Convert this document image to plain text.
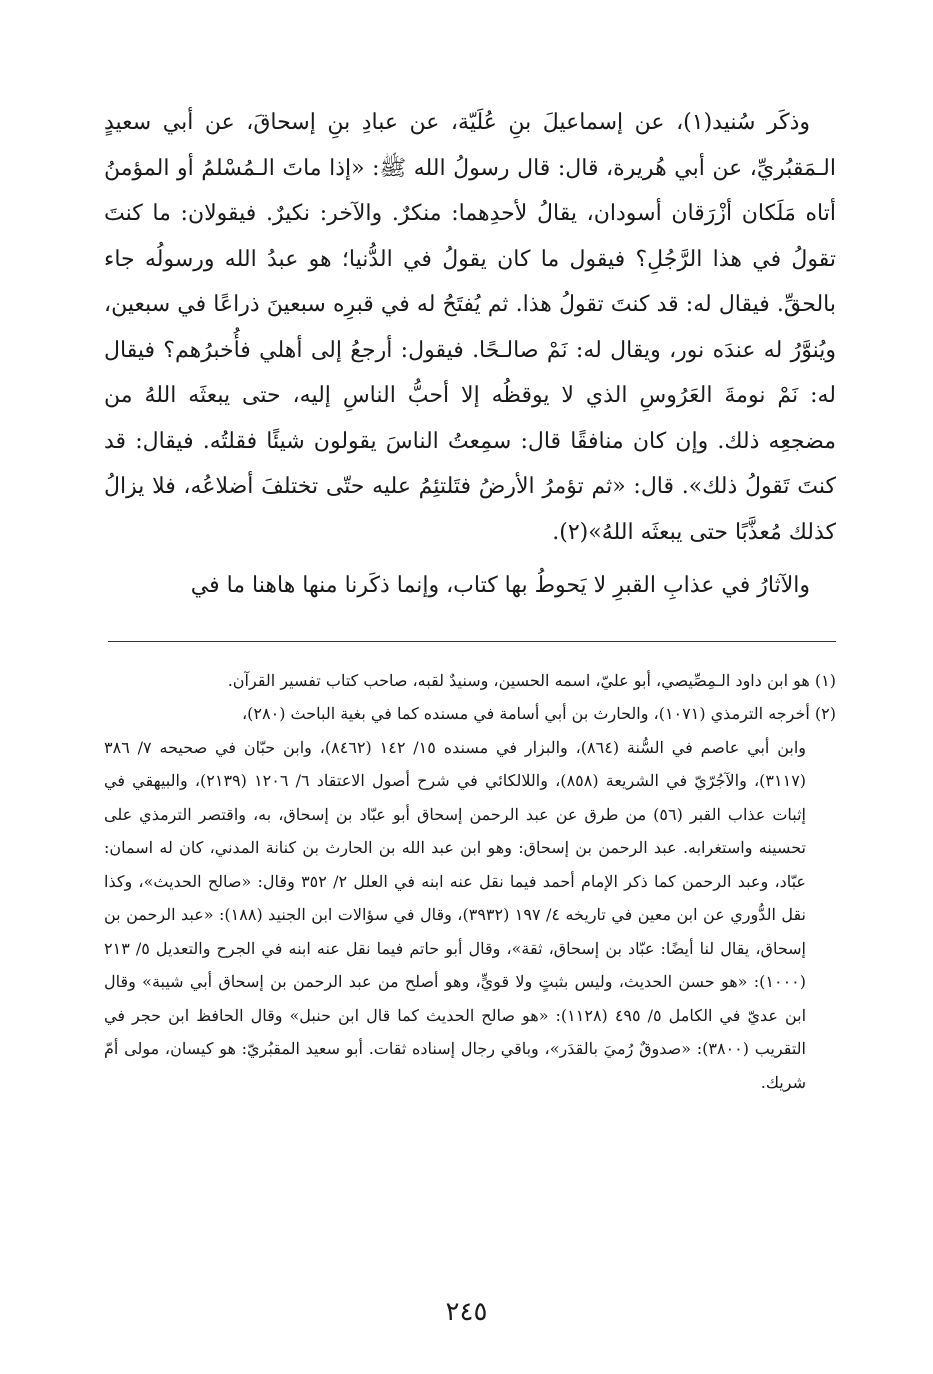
وذكَر سُنيد(١)، عن إسماعيلَ بنِ عُلَيّة، عن عبادِ بنِ إسحاقَ، عن أبي سعيدٍ الـمَقبُريِّ، عن أبي هُريرة، قال: قال رسولُ الله ﷺ: «إذا ماتَ الـمُسْلمُ أو المؤمنُ أتاه مَلَكان أزْرَقان أسودان، يقالُ لأحدِهما: منكرٌ. والآخر: نكيرٌ. فيقولان: ما كنتَ تقولُ في هذا الرَّجُلِ؟ فيقول ما كان يقولُ في الدُّنيا؛ هو عبدُ الله ورسولُه جاء بالحقِّ. فيقال له: قد كنتَ تقولُ هذا. ثم يُفتَحُ له في قبرِه سبعينَ ذراعًا في سبعين، ويُنوَّرُ له عندَه نور، ويقال له: نَمْ صالـحًا. فيقول: أرجعُ إلى أهلي فأُخبرُهم؟ فيقال له: نَمْ نومةَ العَرُوسِ الذي لا يوقظُه إلا أحبُّ الناسِ إليه، حتى يبعثَه اللهُ من مضجعِه ذلك. وإن كان منافقًا قال: سمِعتُ الناسَ يقولون شيئًا فقلتُه. فيقال: قد كنتَ تَقولُ ذلك». قال: «ثم تؤمرُ الأرضُ فتَلتئِمُ عليه حتّى تختلفَ أضلاعُه، فلا يزالُ كذلك مُعذَّبًا حتى يبعثَه اللهُ»(٢).

والآثارُ في عذابِ القبرِ لا يَحوطُ بها كتاب، وإنما ذكَرنا منها هاهنا ما في

(١) هو ابن داود الـمِصِّيصي، أبو عليّ، اسمه الحسين، وسنيدٌ لقبه، صاحب كتاب تفسير القرآن.

(٢) أخرجه الترمذي (١٠٧١)، والحارث بن أبي أسامة في مسنده كما في بغية الباحث (٢٨٠)،

وابن أبي عاصم في السُّنة (٨٦٤)، والبزار في مسنده ١٥/ ١٤٢ (٨٤٦٢)، وابن حبّان في صحيحه ٧/ ٣٨٦ (٣١١٧)، والآجُرّيّ في الشريعة (٨٥٨)، واللالكائي في شرح أصول الاعتقاد ٦/ ١٢٠٦ (٢١٣٩)، والبيهقي في إثبات عذاب القبر (٥٦) من طرق عن عبد الرحمن إسحاق أبو عبّاد بن إسحاق، به، واقتصر الترمذي على تحسينه واستغرابه. عبد الرحمن بن إسحاق: وهو ابن عبد الله بن الحارث بن كنانة المدني، كان له اسمان: عبّاد، وعبد الرحمن كما ذكر الإمام أحمد فيما نقل عنه ابنه في العلل ٢/ ٣٥٢ وقال: «صالح الحديث»، وكذا نقل الدُّوري عن ابن معين في تاريخه ٤/ ١٩٧ (٣٩٣٢)، وقال في سؤالات ابن الجنيد (١٨٨): «عبد الرحمن بن إسحاق، يقال لنا أيضًا: عبّاد بن إسحاق، ثقة»، وقال أبو حاتم فيما نقل عنه ابنه في الجرح والتعديل ٥/ ٢١٣ (١٠٠٠): «هو حسن الحديث، وليس بثبتٍ ولا قويٍّ، وهو أصلح من عبد الرحمن بن إسحاق أبي شيبة» وقال ابن عديّ في الكامل ٥/ ٤٩٥ (١١٢٨): «هو صالح الحديث كما قال ابن حنبل» وقال الحافظ ابن حجر في التقريب (٣٨٠٠): «صدوقٌ رُميَ بالقدَر»، وباقي رجال إسناده ثقات. أبو سعيد المقبُريّ: هو كيسان، مولى أمّ شريك.

٢٤٥
